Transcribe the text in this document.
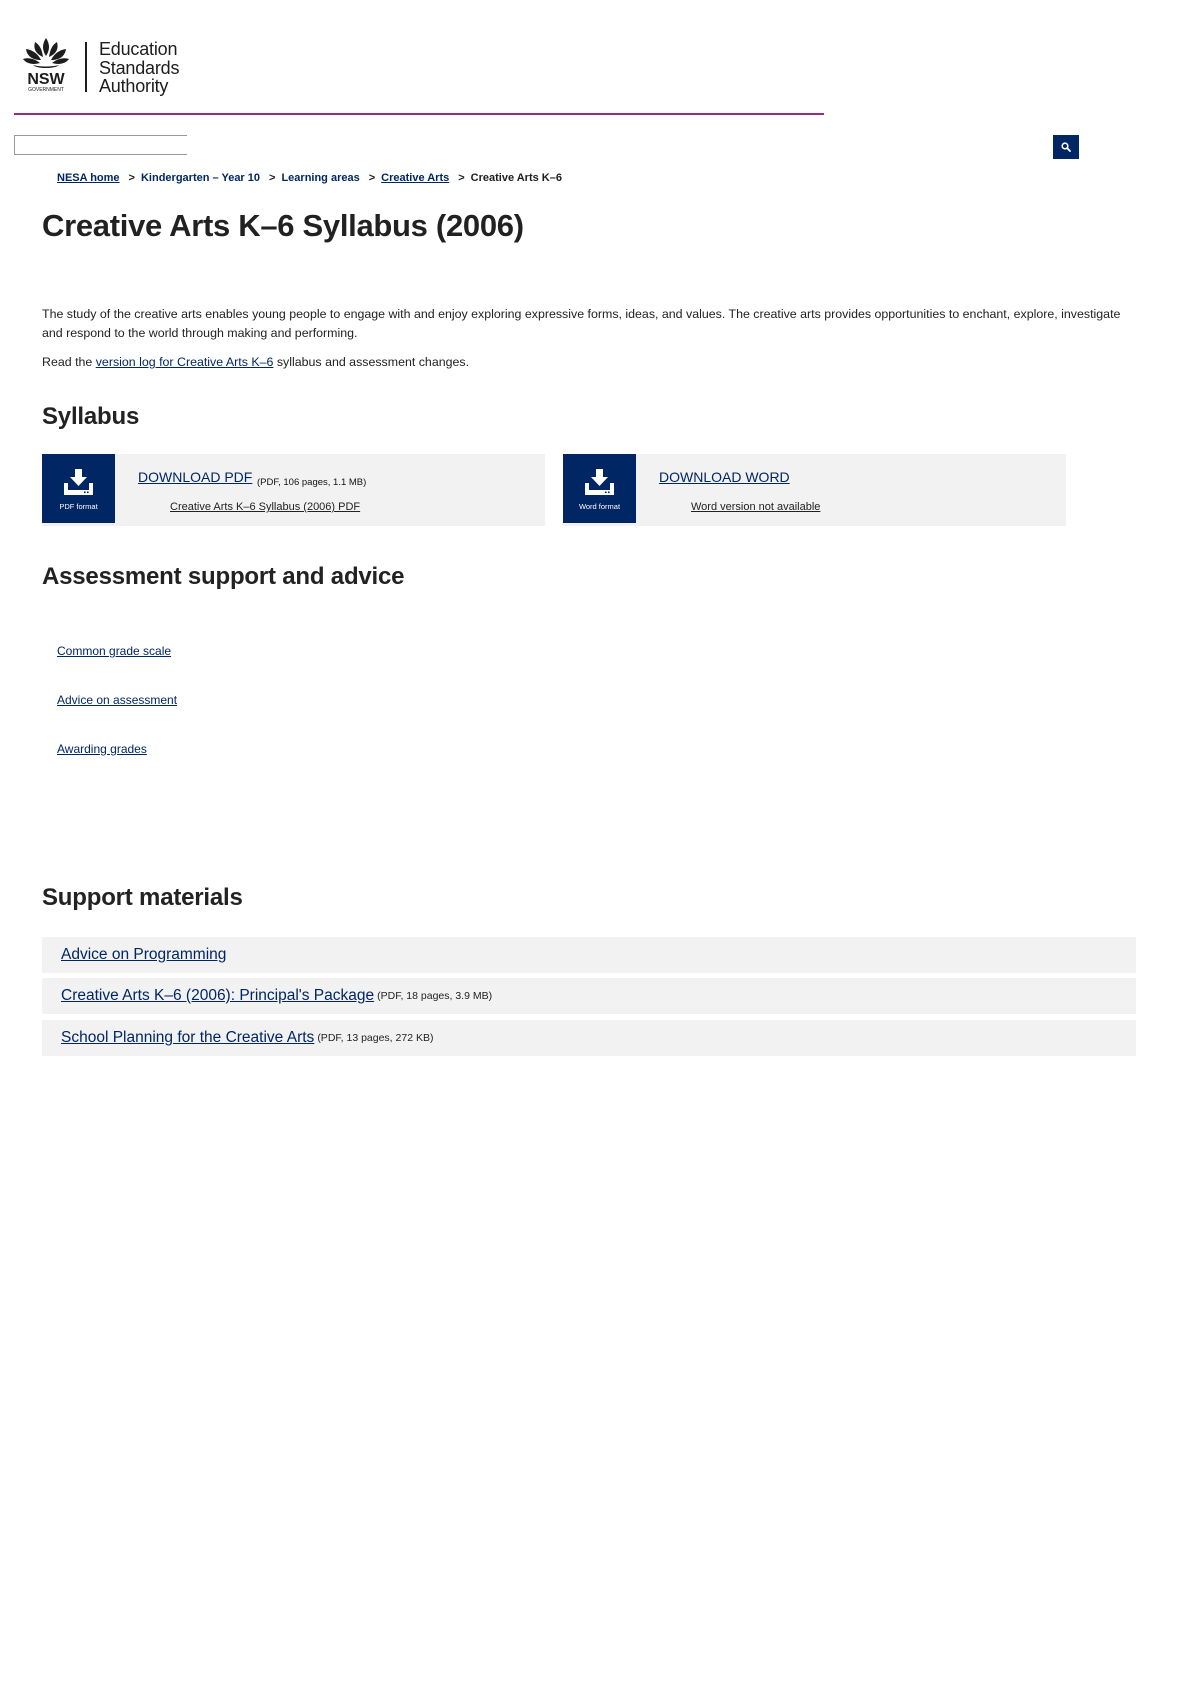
NSW
GOVERNMENT
Education
Standards
Authority
NESA home > Kindergarten – Year 10 > Learning areas > Creative Arts > Creative Arts K–6
Creative Arts K–6 Syllabus (2006)

The study of the creative arts enables young people to engage with and enjoy exploring expressive forms, ideas, and values. The creative arts provides opportunities to enchant, explore, investigate and respond to the world through making and performing.

Read the version log for Creative Arts K–6 syllabus and assessment changes.

Syllabus
PDF format
DOWNLOAD PDF (PDF, 106 pages, 1.1 MB)
Creative Arts K–6 Syllabus (2006) PDF	Word format
DOWNLOAD WORD
Word version not available
Assessment support and advice
Common grade scale
Advice on assessment
Awarding grades
Support materials
Advice on Programming
Creative Arts K–6 (2006): Principal's Package (PDF, 18 pages, 3.9 MB)
School Planning for the Creative Arts (PDF, 13 pages, 272 KB)
